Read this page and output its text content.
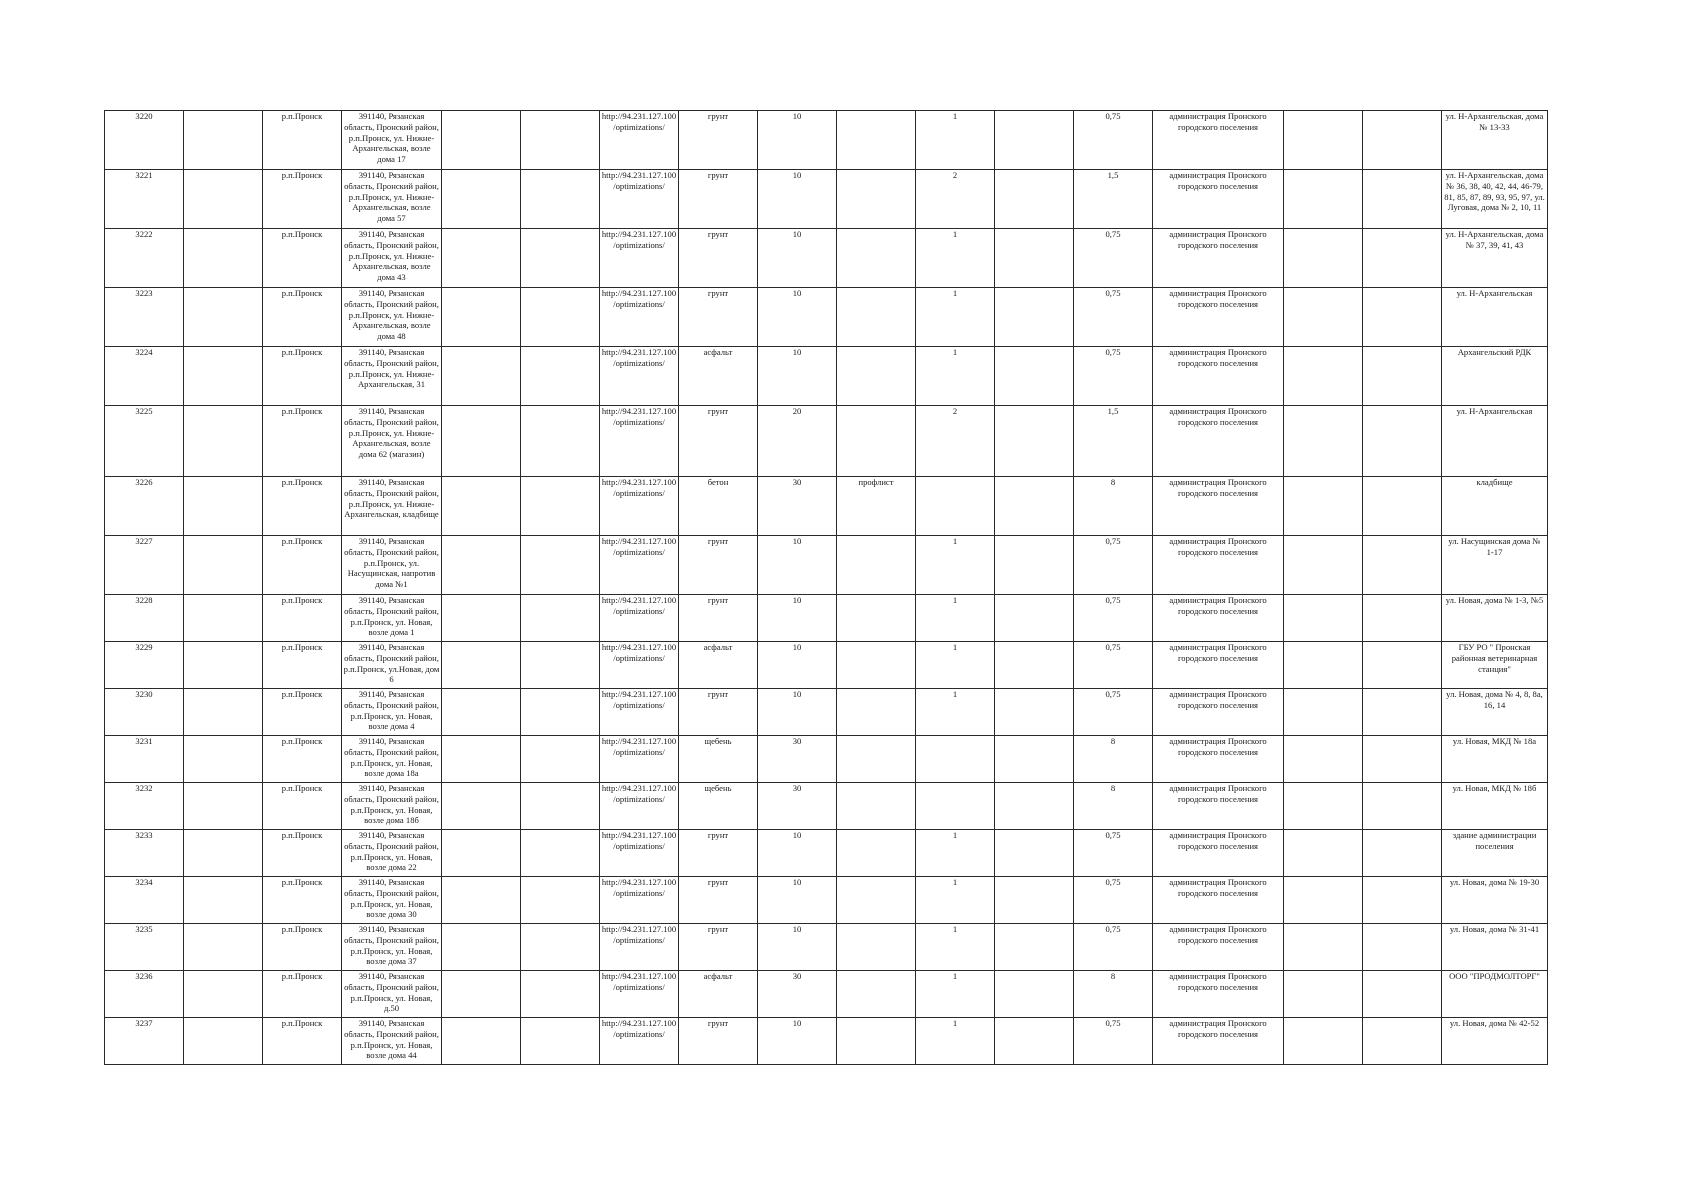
3220		р.п.Пронск	391140, Рязанская область, Пронский район, р.п.Пронск, ул. Нижне-Архангельская, возле дома 17			http://94.231.127.100/optimizations/	грунт	10		1		0,75	администрация Пронского городского поселения			ул. Н-Архангельская, дома № 13-33
3221		р.п.Пронск	391140, Рязанская область, Пронский район, р.п.Пронск, ул. Нижне-Архангельская, возле дома 57			http://94.231.127.100/optimizations/	грунт	10		2		1,5	администрация Пронского городского поселения			ул. Н-Архангельская, дома № 36, 38, 40, 42, 44, 46-79, 81, 85, 87, 89, 93, 95, 97, ул. Луговая, дома № 2, 10, 11
3222		р.п.Пронск	391140, Рязанская область, Пронский район, р.п.Пронск, ул. Нижне-Архангельская, возле дома 43			http://94.231.127.100/optimizations/	грунт	10		1		0,75	администрация Пронского городского поселения			ул. Н-Архангельская, дома № 37, 39, 41, 43
3223		р.п.Пронск	391140, Рязанская область, Пронский район, р.п.Пронск, ул. Нижне-Архангельская, возле дома 48			http://94.231.127.100/optimizations/	грунт	10		1		0,75	администрация Пронского городского поселения			ул. Н-Архангельская
3224		р.п.Пронск	391140, Рязанская область, Пронский район, р.п.Пронск, ул. Нижне-Архангельская, 31			http://94.231.127.100/optimizations/	асфальт	10		1		0,75	администрация Пронского городского поселения			Архангельский РДК
3225		р.п.Пронск	391140, Рязанская область, Пронский район, р.п.Пронск, ул. Нижне-Архангельская, возле дома 62 (магазин)			http://94.231.127.100/optimizations/	грунт	20		2		1,5	администрация Пронского городского поселения			ул. Н-Архангельская
3226		р.п.Пронск	391140, Рязанская область, Пронский район, р.п.Пронск, ул. Нижне-Архангельская, кладбище			http://94.231.127.100/optimizations/	бетон	30	профлист			8	администрация Пронского городского поселения			кладбище
3227		р.п.Пронск	391140, Рязанская область, Пронский район, р.п.Пронск, ул. Насущинская, напротив дома №1			http://94.231.127.100/optimizations/	грунт	10		1		0,75	администрация Пронского городского поселения			ул. Насущинская дома № 1-17
3228		р.п.Пронск	391140, Рязанская область, Пронский район, р.п.Пронск, ул. Новая, возле дома 1			http://94.231.127.100/optimizations/	грунт	10		1		0,75	администрация Пронского городского поселения			ул. Новая, дома № 1-3, №5
3229		р.п.Пронск	391140, Рязанская область, Пронский район, р.п.Пронск, ул.Новая, дом 6			http://94.231.127.100/optimizations/	асфальт	10		1		0,75	администрация Пронского городского поселения			ГБУ РО " Пронская районная ветеринарная станция"
3230		р.п.Пронск	391140, Рязанская область, Пронский район, р.п.Пронск, ул. Новая, возле дома 4			http://94.231.127.100/optimizations/	грунт	10		1		0,75	администрация Пронского городского поселения			ул. Новая, дома № 4, 8, 8а, 16, 14
3231		р.п.Пронск	391140, Рязанская область, Пронский район, р.п.Пронск, ул. Новая, возле дома 18а			http://94.231.127.100/optimizations/	щебень	30				8	администрация Пронского городского поселения			ул. Новая, МКД № 18а
3232		р.п.Пронск	391140, Рязанская область, Пронский район, р.п.Пронск, ул. Новая, возле дома 18б			http://94.231.127.100/optimizations/	щебень	30				8	администрация Пронского городского поселения			ул. Новая, МКД № 18б
3233		р.п.Пронск	391140, Рязанская область, Пронский район, р.п.Пронск, ул. Новая, возле дома 22			http://94.231.127.100/optimizations/	грунт	10		1		0,75	администрация Пронского городского поселения			здание администрации поселения
3234		р.п.Пронск	391140, Рязанская область, Пронский район, р.п.Пронск, ул. Новая, возле дома 30			http://94.231.127.100/optimizations/	грунт	10		1		0,75	администрация Пронского городского поселения			ул. Новая, дома № 19-30
3235		р.п.Пронск	391140, Рязанская область, Пронский район, р.п.Пронск, ул. Новая, возле дома 37			http://94.231.127.100/optimizations/	грунт	10		1		0,75	администрация Пронского городского поселения			ул. Новая, дома № 31-41
3236		р.п.Пронск	391140, Рязанская область, Пронский район, р.п.Пронск, ул. Новая, д.50			http://94.231.127.100/optimizations/	асфальт	30		1		8	администрация Пронского городского поселения			ООО "ПРОДМОЛТОРГ"
3237		р.п.Пронск	391140, Рязанская область, Пронский район, р.п.Пронск, ул. Новая, возле дома 44			http://94.231.127.100/optimizations/	грунт	10		1		0,75	администрация Пронского городского поселения			ул. Новая, дома № 42-52
